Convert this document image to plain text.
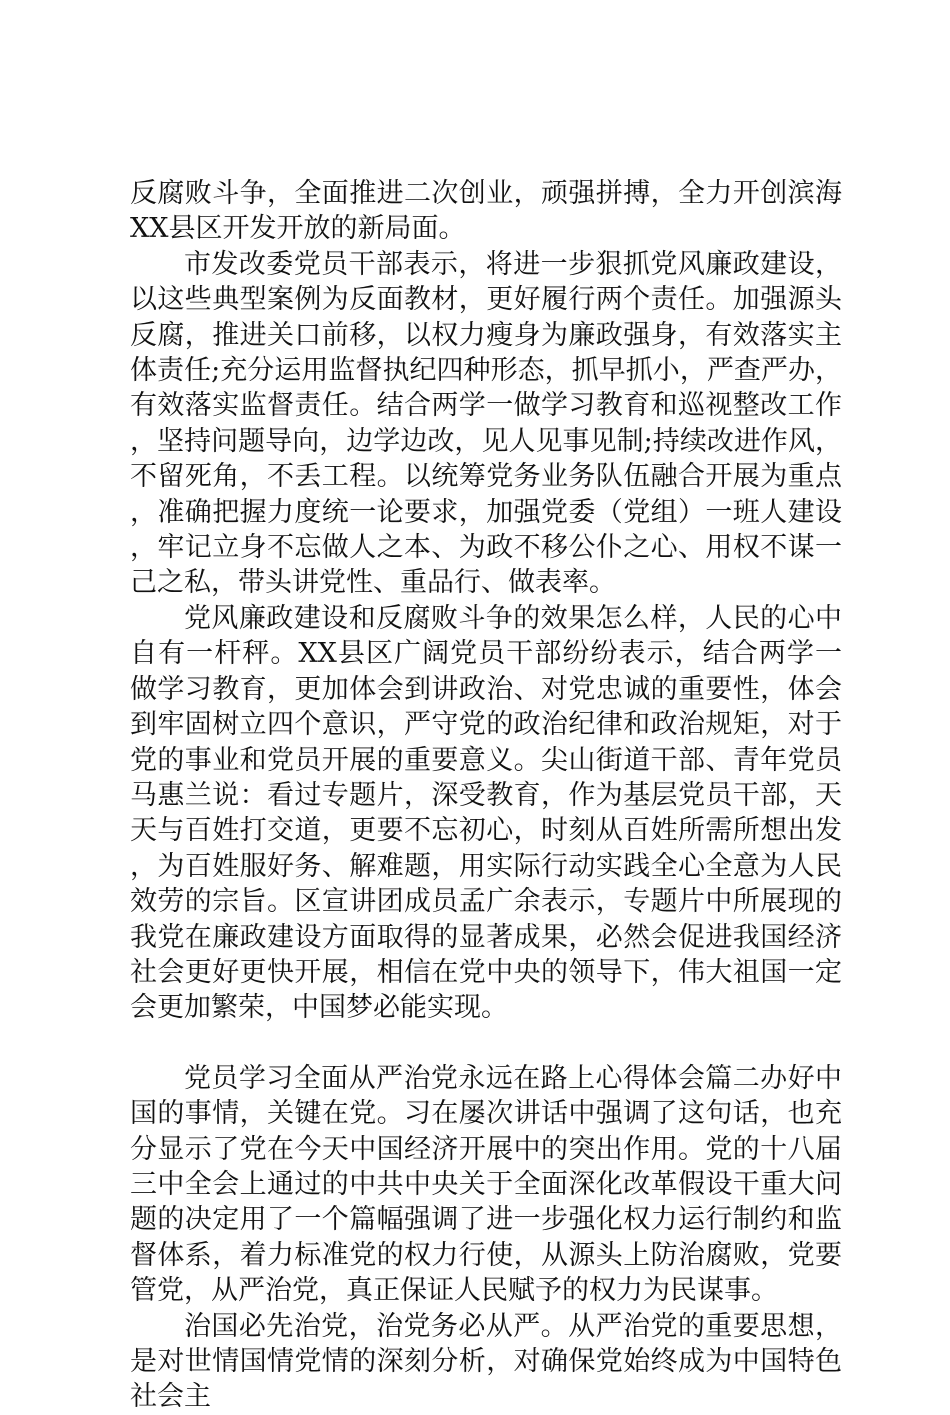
反腐败斗争，全面推进二次创业，顽强拼搏，全力开创滨海XX县区开发开放的新局面。

市发改委党员干部表示，将进一步狠抓党风廉政建设，以这些典型案例为反面教材，更好履行两个责任。加强源头反腐，推进关口前移，以权力瘦身为廉政强身，有效落实主体责任;充分运用监督执纪四种形态，抓早抓小，严查严办，有效落实监督责任。结合两学一做学习教育和巡视整改工作，坚持问题导向，边学边改，见人见事见制;持续改进作风，不留死角，不丢工程。以统筹党务业务队伍融合开展为重点，准确把握力度统一论要求，加强党委（党组）一班人建设，牢记立身不忘做人之本、为政不移公仆之心、用权不谋一己之私，带头讲党性、重品行、做表率。

党风廉政建设和反腐败斗争的效果怎么样，人民的心中自有一杆秤。XX县区广阔党员干部纷纷表示，结合两学一做学习教育，更加体会到讲政治、对党忠诚的重要性，体会到牢固树立四个意识，严守党的政治纪律和政治规矩，对于党的事业和党员开展的重要意义。尖山街道干部、青年党员马惠兰说：看过专题片，深受教育，作为基层党员干部，天天与百姓打交道，更要不忘初心，时刻从百姓所需所想出发，为百姓服好务、解难题，用实际行动实践全心全意为人民效劳的宗旨。区宣讲团成员孟广余表示，专题片中所展现的我党在廉政建设方面取得的显著成果，必然会促进我国经济社会更好更快开展，相信在党中央的领导下，伟大祖国一定会更加繁荣，中国梦必能实现。

党员学习全面从严治党永远在路上心得体会篇二办好中国的事情，关键在党。习在屡次讲话中强调了这句话，也充分显示了党在今天中国经济开展中的突出作用。党的十八届三中全会上通过的中共中央关于全面深化改革假设干重大问题的决定用了一个篇幅强调了进一步强化权力运行制约和监督体系，着力标准党的权力行使，从源头上防治腐败，党要管党，从严治党，真正保证人民赋予的权力为民谋事。

治国必先治党，治党务必从严。从严治党的重要思想，是对世情国情党情的深刻分析，对确保党始终成为中国特色社会主
